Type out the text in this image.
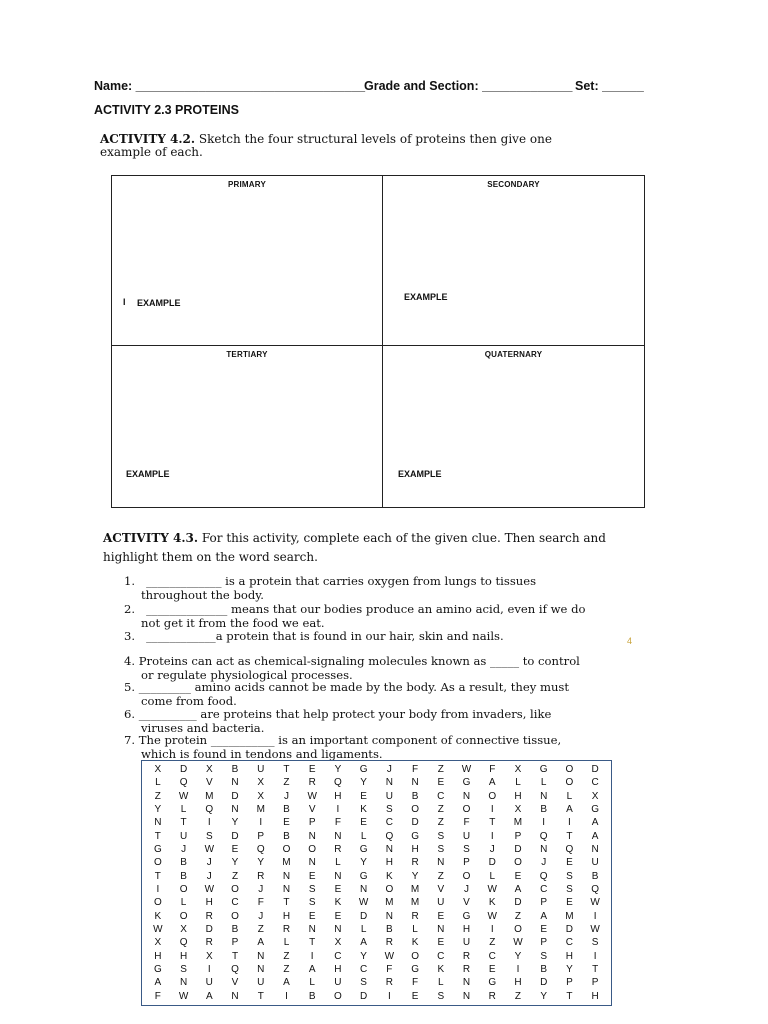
Name: _________________________________
Grade and Section: _____________ Set: ______
ACTIVITY 2.3 PROTEINS
ACTIVITY 4.2. Sketch the four structural levels of proteins then give one
example of each.
PRIMARY
I EXAMPLE
SECONDARY
EXAMPLE
TERTIARY
EXAMPLE
QUATERNARY
EXAMPLE
ACTIVITY 4.3. For this activity, complete each of the given clue. Then search and
highlight them on the word search.
1. _____________ is a protein that carries oxygen from lungs to tissues
throughout the body.
2. ______________ means that our bodies produce an amino acid, even if we do
not get it from the food we eat.
3. ____________a protein that is found in our hair, skin and nails.	4
4. Proteins can act as chemical-signaling molecules known as _____ to control
or regulate physiological processes.
5. _________ amino acids cannot be made by the body. As a result, they must
come from food.
6. __________ are proteins that help protect your body from invaders, like
viruses and bacteria.
7. The protein ___________ is an important component of connective tissue,
which is found in tendons and ligaments.
X	D	X	B	U	T	E	Y	G	J	F	Z	W	F	X	G	O	D
L	Q	V	N	X	Z	R	Q	Y	N	N	E	G	A	L	L	O	C
Z	W	M	D	X	J	W	H	E	U	B	C	N	O	H	N	L	X
Y	L	Q	N	M	B	V	I	K	S	O	Z	O	I	X	B	A	G
N	T	I	Y	I	E	P	F	E	C	D	Z	F	T	M	I	I	A
T	U	S	D	P	B	N	N	L	Q	G	S	U	I	P	Q	T	A
G	J	W	E	Q	O	O	R	G	N	H	S	S	J	D	N	Q	N
O	B	J	Y	Y	M	N	L	Y	H	R	N	P	D	O	J	E	U
T	B	J	Z	R	N	E	N	G	K	Y	Z	O	L	E	Q	S	B
I	O	W	O	J	N	S	E	N	O	M	V	J	W	A	C	S	Q
O	L	H	C	F	T	S	K	W	M	M	U	V	K	D	P	E	W
K	O	R	O	J	H	E	E	D	N	R	E	G	W	Z	A	M	I
W	X	D	B	Z	R	N	N	L	B	L	N	H	I	O	E	D	W
X	Q	R	P	A	L	T	X	A	R	K	E	U	Z	W	P	C	S
H	H	X	T	N	Z	I	C	Y	W	O	C	R	C	Y	S	H	I
G	S	I	Q	N	Z	A	H	C	F	G	K	R	E	I	B	Y	T
A	N	U	V	U	A	L	U	S	R	F	L	N	G	H	D	P	P
F	W	A	N	T	I	B	O	D	I	E	S	N	R	Z	Y	T	H
